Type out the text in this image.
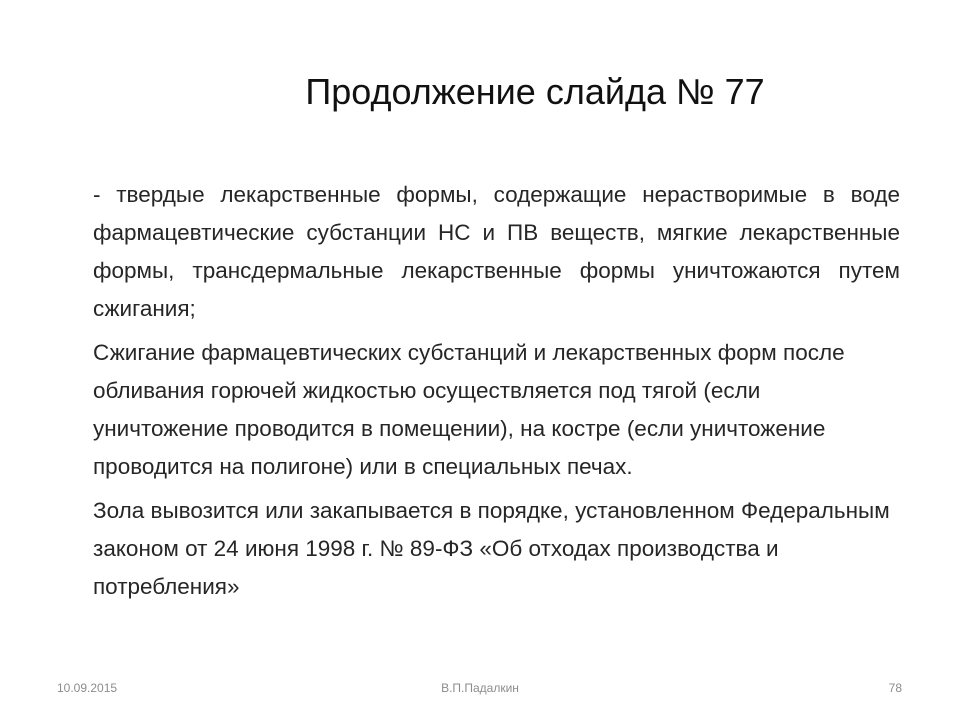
Продолжение слайда № 77

- твердые лекарственные формы, содержащие нерастворимые в воде фармацевтические субстанции НС и ПВ веществ, мягкие лекарственные формы, трансдермальные лекарственные формы уничтожаются путем сжигания;

Сжигание фармацевтических субстанций и лекарственных форм после обливания горючей жидкостью осуществляется под тягой (если уничтожение проводится в помещении), на костре (если уничтожение проводится на полигоне) или в специальных печах.

Зола вывозится или закапывается в порядке, установленном Федеральным законом от 24 июня 1998 г. № 89-ФЗ «Об отходах производства и потребления»

10.09.2015	В.П.Падалкин	78
